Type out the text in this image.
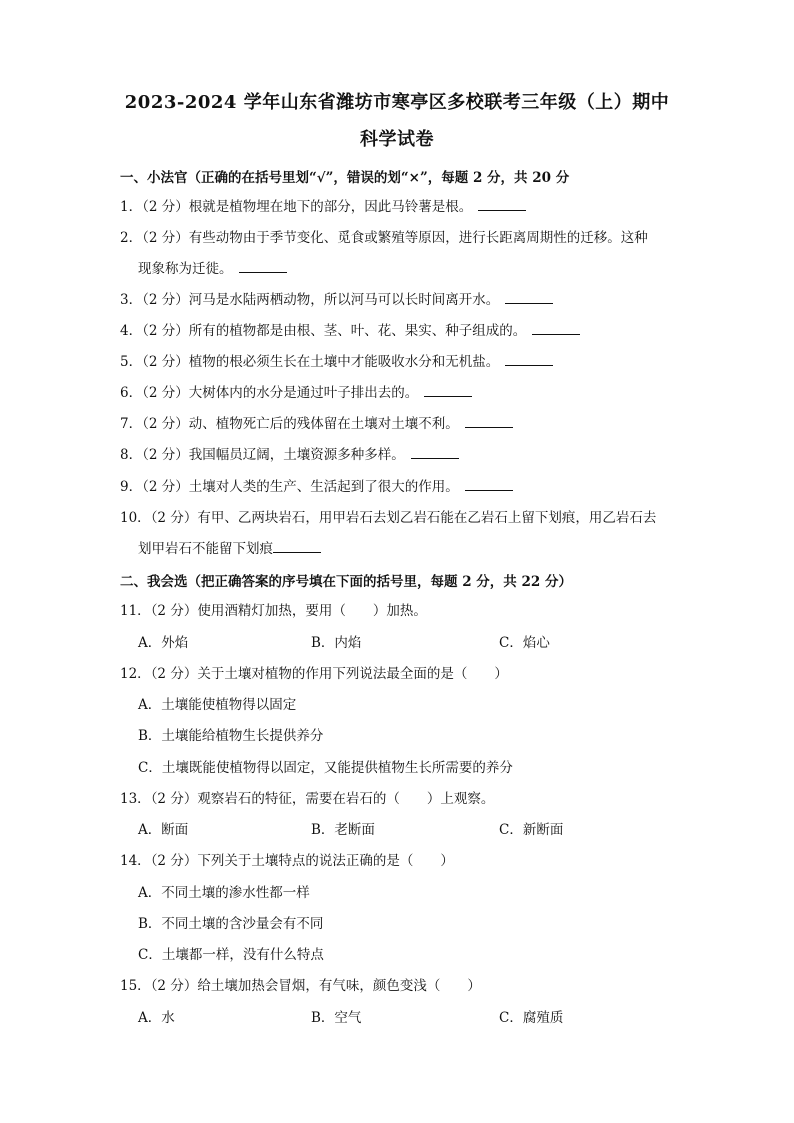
2023-2024 学年山东省潍坊市寒亭区多校联考三年级（上）期中
科学试卷
一、小法官（正确的在括号里划“√”，错误的划“×”，每题 2 分，共 20 分
1．（2 分）根就是植物埋在地下的部分，因此马铃薯是根。
2．（2 分）有些动物由于季节变化、觅食或繁殖等原因，进行长距离周期性的迁移。这种
现象称为迁徙。
3．（2 分）河马是水陆两栖动物，所以河马可以长时间离开水。
4．（2 分）所有的植物都是由根、茎、叶、花、果实、种子组成的。
5．（2 分）植物的根必须生长在土壤中才能吸收水分和无机盐。
6．（2 分）大树体内的水分是通过叶子排出去的。
7．（2 分）动、植物死亡后的残体留在土壤对土壤不利。
8．（2 分）我国幅员辽阔，土壤资源多种多样。
9．（2 分）土壤对人类的生产、生活起到了很大的作用。
10．（2 分）有甲、乙两块岩石，用甲岩石去划乙岩石能在乙岩石上留下划痕，用乙岩石去
划甲岩石不能留下划痕
二、我会选（把正确答案的序号填在下面的括号里，每题 2 分，共 22 分）
11．（2 分）使用酒精灯加热，要用（　　）加热。
A．外焰	B．内焰	C．焰心
12．（2 分）关于土壤对植物的作用下列说法最全面的是（　　）
A．土壤能使植物得以固定
B．土壤能给植物生长提供养分
C．土壤既能使植物得以固定，又能提供植物生长所需要的养分
13．（2 分）观察岩石的特征，需要在岩石的（　　）上观察。
A．断面	B．老断面	C．新断面
14．（2 分）下列关于土壤特点的说法正确的是（　　）
A．不同土壤的渗水性都一样
B．不同土壤的含沙量会有不同
C．土壤都一样，没有什么特点
15．（2 分）给土壤加热会冒烟，有气味，颜色变浅（　　）
A．水	B．空气	C．腐殖质
